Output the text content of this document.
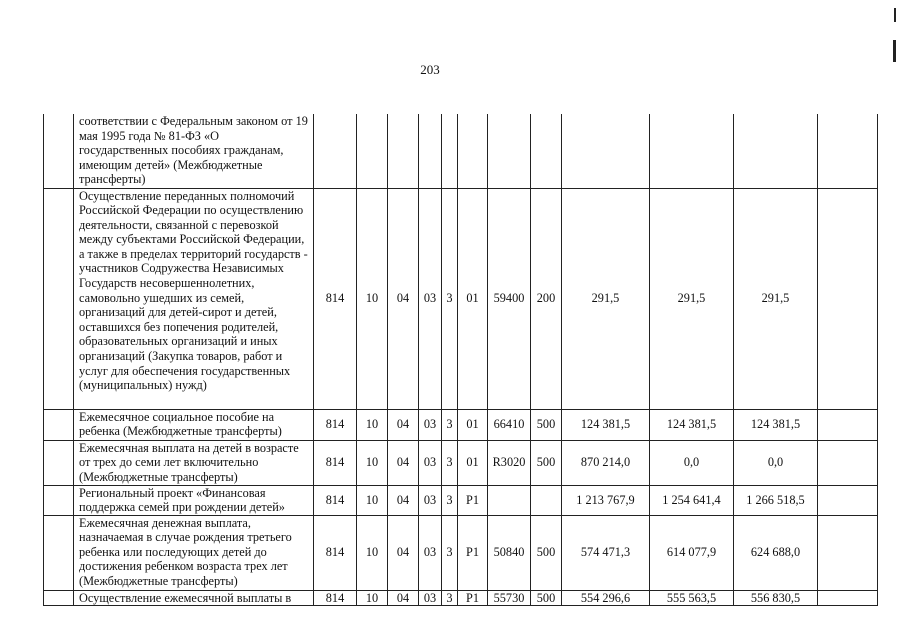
203
	соответствии с Федеральным законом от 19 мая 1995 года № 81-ФЗ «О государственных пособиях гражданам, имеющим детей» (Межбюджетные трансферты)												
	Осуществление переданных полномочий Российской Федерации по осуществлению деятельности, связанной с перевозкой между субъектами Российской Федерации, а также в пределах территорий государств - участников Содружества Независимых Государств несовершеннолетних, самовольно ушедших из семей, организаций для детей-сирот и детей, оставшихся без попечения родителей, образовательных организаций и иных организаций (Закупка товаров, работ и услуг для обеспечения государственных (муниципальных) нужд)	814	10	04	03	3	01	59400	200	291,5	291,5	291,5	
	Ежемесячное социальное пособие на ребенка (Межбюджетные трансферты)	814	10	04	03	3	01	66410	500	124 381,5	124 381,5	124 381,5	
	Ежемесячная выплата на детей в возрасте от трех до семи лет включительно (Межбюджетные трансферты)	814	10	04	03	3	01	R3020	500	870 214,0	0,0	0,0	
	Региональный проект «Финансовая поддержка семей при рождении детей»	814	10	04	03	3	P1			1 213 767,9	1 254 641,4	1 266 518,5	
	Ежемесячная денежная выплата, назначаемая в случае рождения третьего ребенка или последующих детей до достижения ребенком возраста трех лет (Межбюджетные трансферты)	814	10	04	03	3	P1	50840	500	574 471,3	614 077,9	624 688,0	
	Осуществление ежемесячной выплаты в	814	10	04	03	3	P1	55730	500	554 296,6	555 563,5	556 830,5	
